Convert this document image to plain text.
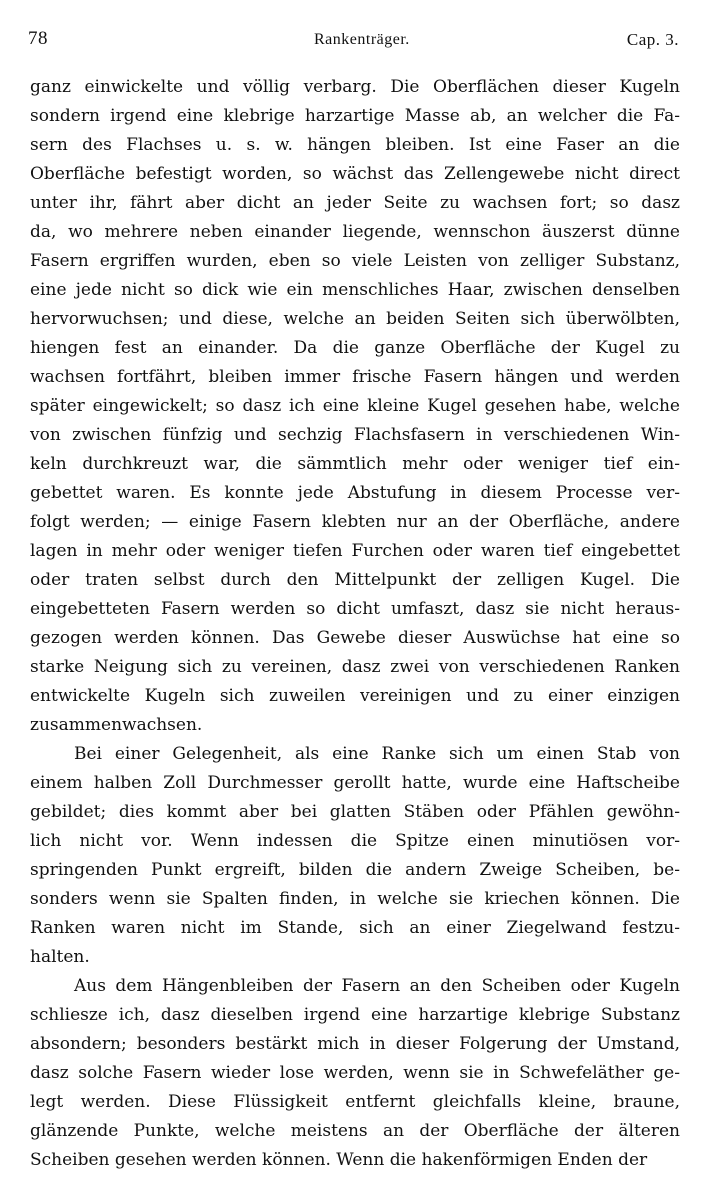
78	Rankenträger.	Cap. 3.
ganz einwickelte und völlig verbarg. Die Oberflächen dieser Kugeln
sondern irgend eine klebrige harzartige Masse ab, an welcher die Fa-
sern des Flachses u. s. w. hängen bleiben. Ist eine Faser an die
Oberfläche befestigt worden, so wächst das Zellengewebe nicht direct
unter ihr, fährt aber dicht an jeder Seite zu wachsen fort; so dasz
da, wo mehrere neben einander liegende, wennschon äuszerst dünne
Fasern ergriffen wurden, eben so viele Leisten von zelliger Substanz,
eine jede nicht so dick wie ein menschliches Haar, zwischen denselben
hervorwuchsen; und diese, welche an beiden Seiten sich überwölbten,
hiengen fest an einander. Da die ganze Oberfläche der Kugel zu
wachsen fortfährt, bleiben immer frische Fasern hängen und werden
später eingewickelt; so dasz ich eine kleine Kugel gesehen habe, welche
von zwischen fünfzig und sechzig Flachsfasern in verschiedenen Win-
keln durchkreuzt war, die sämmtlich mehr oder weniger tief ein-
gebettet waren. Es konnte jede Abstufung in diesem Processe ver-
folgt werden; — einige Fasern klebten nur an der Oberfläche, andere
lagen in mehr oder weniger tiefen Furchen oder waren tief eingebettet
oder traten selbst durch den Mittelpunkt der zelligen Kugel. Die
eingebetteten Fasern werden so dicht umfaszt, dasz sie nicht heraus-
gezogen werden können. Das Gewebe dieser Auswüchse hat eine so
starke Neigung sich zu vereinen, dasz zwei von verschiedenen Ranken
entwickelte Kugeln sich zuweilen vereinigen und zu einer einzigen
zusammenwachsen.
Bei einer Gelegenheit, als eine Ranke sich um einen Stab von
einem halben Zoll Durchmesser gerollt hatte, wurde eine Haftscheibe
gebildet; dies kommt aber bei glatten Stäben oder Pfählen gewöhn-
lich nicht vor. Wenn indessen die Spitze einen minutiösen vor-
springenden Punkt ergreift, bilden die andern Zweige Scheiben, be-
sonders wenn sie Spalten finden, in welche sie kriechen können. Die
Ranken waren nicht im Stande, sich an einer Ziegelwand festzu-
halten.
Aus dem Hängenbleiben der Fasern an den Scheiben oder Kugeln
schliesze ich, dasz dieselben irgend eine harzartige klebrige Substanz
absondern; besonders bestärkt mich in dieser Folgerung der Umstand,
dasz solche Fasern wieder lose werden, wenn sie in Schwefeläther ge-
legt werden. Diese Flüssigkeit entfernt gleichfalls kleine, braune,
glänzende Punkte, welche meistens an der Oberfläche der älteren
Scheiben gesehen werden können. Wenn die hakenförmigen Enden der
